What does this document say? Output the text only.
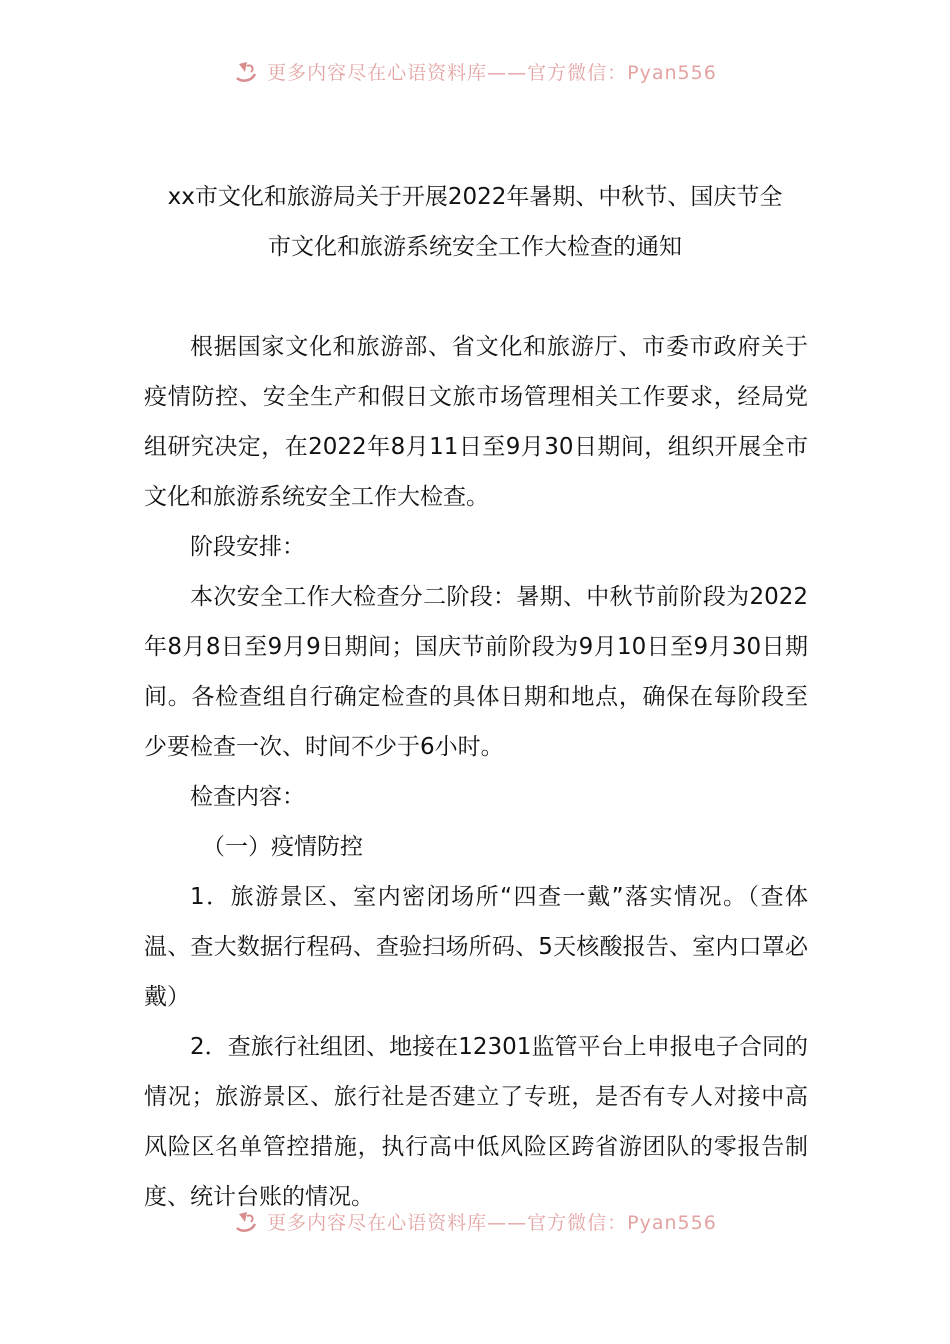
更多内容尽在心语资料库——官方微信：Pyan556
xx市文化和旅游局关于开展2022年暑期、中秋节、国庆节全
市文化和旅游系统安全工作大检查的通知

根据国家文化和旅游部、省文化和旅游厅、市委市政府关于疫情防控、安全生产和假日文旅市场管理相关工作要求，经局党组研究决定，在2022年8月11日至9月30日期间，组织开展全市文化和旅游系统安全工作大检查。

阶段安排：

本次安全工作大检查分二阶段：暑期、中秋节前阶段为2022年8月8日至9月9日期间；国庆节前阶段为9月10日至9月30日期间。各检查组自行确定检查的具体日期和地点，确保在每阶段至少要检查一次、时间不少于6小时。

检查内容：

（一）疫情防控

1．旅游景区、室内密闭场所“四查一戴”落实情况。（查体温、查大数据行程码、查验扫场所码、5天核酸报告、室内口罩必戴）

2．查旅行社组团、地接在12301监管平台上申报电子合同的情况；旅游景区、旅行社是否建立了专班，是否有专人对接中高风险区名单管控措施，执行高中低风险区跨省游团队的零报告制度、统计台账的情况。

更多内容尽在心语资料库——官方微信：Pyan556
